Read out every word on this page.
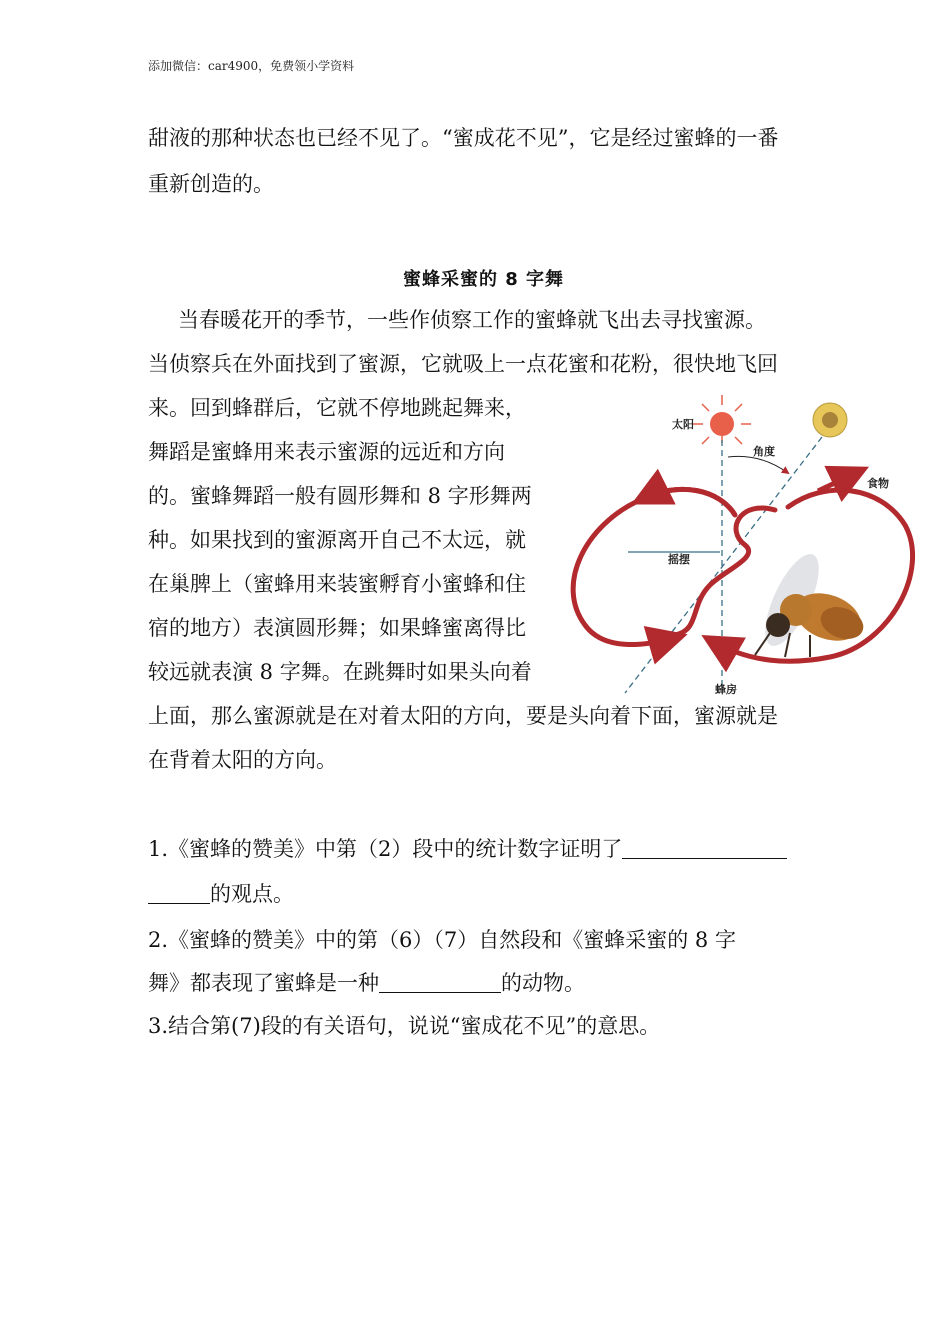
添加微信：car4900，免费领小学资料
甜液的那种状态也已经不见了。“蜜成花不见”，它是经过蜜蜂的一番
重新创造的。
蜜蜂采蜜的 8 字舞
当春暖花开的季节，一些作侦察工作的蜜蜂就飞出去寻找蜜源。
当侦察兵在外面找到了蜜源，它就吸上一点花蜜和花粉，很快地飞回
来。回到蜂群后，它就不停地跳起舞来，
舞蹈是蜜蜂用来表示蜜源的远近和方向
的。蜜蜂舞蹈一般有圆形舞和 8 字形舞两
种。如果找到的蜜源离开自己不太远，就
在巢脾上（蜜蜂用来装蜜孵育小蜜蜂和住
宿的地方）表演圆形舞；如果蜂蜜离得比
较远就表演 8 字舞。在跳舞时如果头向着
上面，那么蜜源就是在对着太阳的方向，要是头向着下面，蜜源就是
在背着太阳的方向。
太阳
角度
食物
摇摆
蜂房
1.《蜜蜂的赞美》中第（2）段中的统计数字证明了
的观点。
2.《蜜蜂的赞美》中的第（6）（7）自然段和《蜜蜂采蜜的 8 字
舞》都表现了蜜蜂是一种	的动物。
3.结合第(7)段的有关语句，说说“蜜成花不见”的意思。
